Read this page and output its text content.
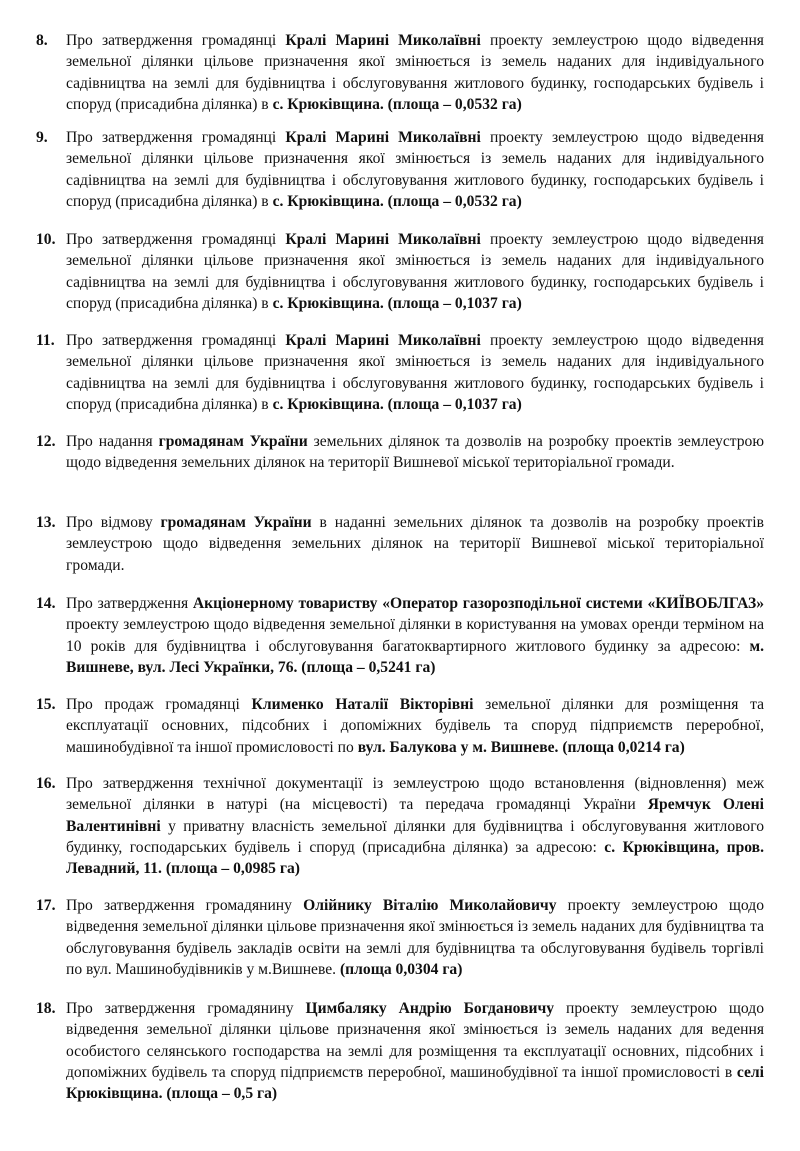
8.	Про затвердження громадянці Кралі Марині Миколаївні проекту землеустрою щодо відведення земельної ділянки цільове призначення якої змінюється із земель наданих для індивідуального садівництва на землі для будівництва і обслуговування житлового будинку, господарських будівель і споруд (присадибна ділянка) в с. Крюківщина. (площа – 0,0532 га)
9.	Про затвердження громадянці Кралі Марині Миколаївні проекту землеустрою щодо відведення земельної ділянки цільове призначення якої змінюється із земель наданих для індивідуального садівництва на землі для будівництва і обслуговування житлового будинку, господарських будівель і споруд (присадибна ділянка) в с. Крюківщина. (площа – 0,0532 га)
10. Про затвердження громадянці Кралі Марині Миколаївні проекту землеустрою щодо відведення земельної ділянки цільове призначення якої змінюється із земель наданих для індивідуального садівництва на землі для будівництва і обслуговування житлового будинку, господарських будівель і споруд (присадибна ділянка) в с. Крюківщина. (площа – 0,1037 га)
11. Про затвердження громадянці Кралі Марині Миколаївні проекту землеустрою щодо відведення земельної ділянки цільове призначення якої змінюється із земель наданих для індивідуального садівництва на землі для будівництва і обслуговування житлового будинку, господарських будівель і споруд (присадибна ділянка) в с. Крюківщина. (площа – 0,1037 га)
12. Про надання громадянам України земельних ділянок та дозволів на розробку проектів землеустрою щодо відведення земельних ділянок на території Вишневої міської територіальної громади.
13. Про відмову громадянам України в наданні земельних ділянок та дозволів на розробку проектів землеустрою щодо відведення земельних ділянок на території Вишневої міської територіальної громади.
14. Про затвердження Акціонерному товариству «Оператор газорозподільної системи «КИЇВОБЛГАЗ» проекту землеустрою щодо відведення земельної ділянки в користування на умовах оренди терміном на 10 років для будівництва і обслуговування багатоквартирного житлового будинку за адресою: м. Вишневе, вул. Лесі Українки, 76. (площа – 0,5241 га)
15. Про продаж громадянці Клименко Наталії Вікторівні земельної ділянки для розміщення та експлуатації основних, підсобних і допоміжних будівель та споруд підприємств переробної, машинобудівної та іншої промисловості по вул. Балукова у м. Вишневе. (площа 0,0214 га)
16. Про затвердження технічної документації із землеустрою щодо встановлення (відновлення) меж земельної ділянки в натурі (на місцевості) та передача громадянці України Яремчук Олені Валентинівні у приватну власність земельної ділянки для будівництва і обслуговування житлового будинку, господарських будівель і споруд (присадибна ділянка) за адресою: с. Крюківщина, пров. Левадний, 11. (площа – 0,0985 га)
17. Про затвердження громадянину Олійнику Віталію Миколайовичу проекту землеустрою щодо відведення земельної ділянки цільове призначення якої змінюється із земель наданих для будівництва та обслуговування будівель закладів освіти на землі для будівництва та обслуговування будівель торгівлі по вул. Машинобудівників у м.Вишневе. (площа 0,0304 га)
18. Про затвердження громадянину Цимбаляку Андрію Богдановичу проекту землеустрою щодо відведення земельної ділянки цільове призначення якої змінюється із земель наданих для ведення особистого селянського господарства на землі для розміщення та експлуатації основних, підсобних і допоміжних будівель та споруд підприємств переробної, машинобудівної та іншої промисловості в селі Крюківщина. (площа – 0,5 га)
